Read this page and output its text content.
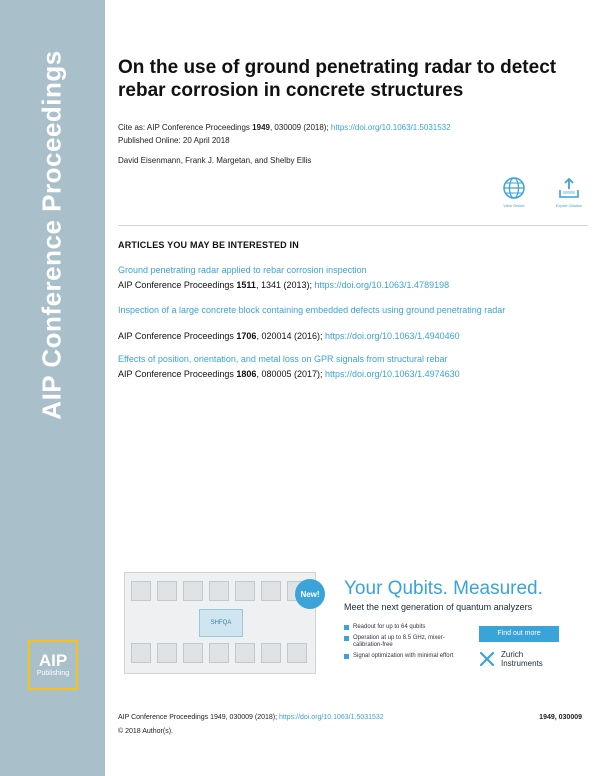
AIP Conference Proceedings
AIP
Publishing
On the use of ground penetrating radar to detect rebar corrosion in concrete structures
Cite as: AIP Conference Proceedings 1949, 030009 (2018); https://doi.org/10.1063/1.5031532
Published Online: 20 April 2018
David Eisenmann, Frank J. Margetan, and Shelby Ellis
View Online	Export Citation
ARTICLES YOU MAY BE INTERESTED IN
Ground penetrating radar applied to rebar corrosion inspection
AIP Conference Proceedings 1511, 1341 (2013); https://doi.org/10.1063/1.4789198
Inspection of a large concrete block containing embedded defects using ground penetrating radar
AIP Conference Proceedings 1706, 020014 (2016); https://doi.org/10.1063/1.4940460
Effects of position, orientation, and metal loss on GPR signals from structural rebar
AIP Conference Proceedings 1806, 080005 (2017); https://doi.org/10.1063/1.4974630
SHFQA
New! Your Qubits. Measured.
Meet the next generation of quantum analyzers
Readout for up to 64 qubits
Operation at up to 8.5 GHz, mixer-calibration-free
Signal optimization with minimal effort
Find out more
Zurich
Instruments
AIP Conference Proceedings 1949, 030009 (2018); https://doi.org/10.1063/1.5031532	1949, 030009
© 2018 Author(s).
